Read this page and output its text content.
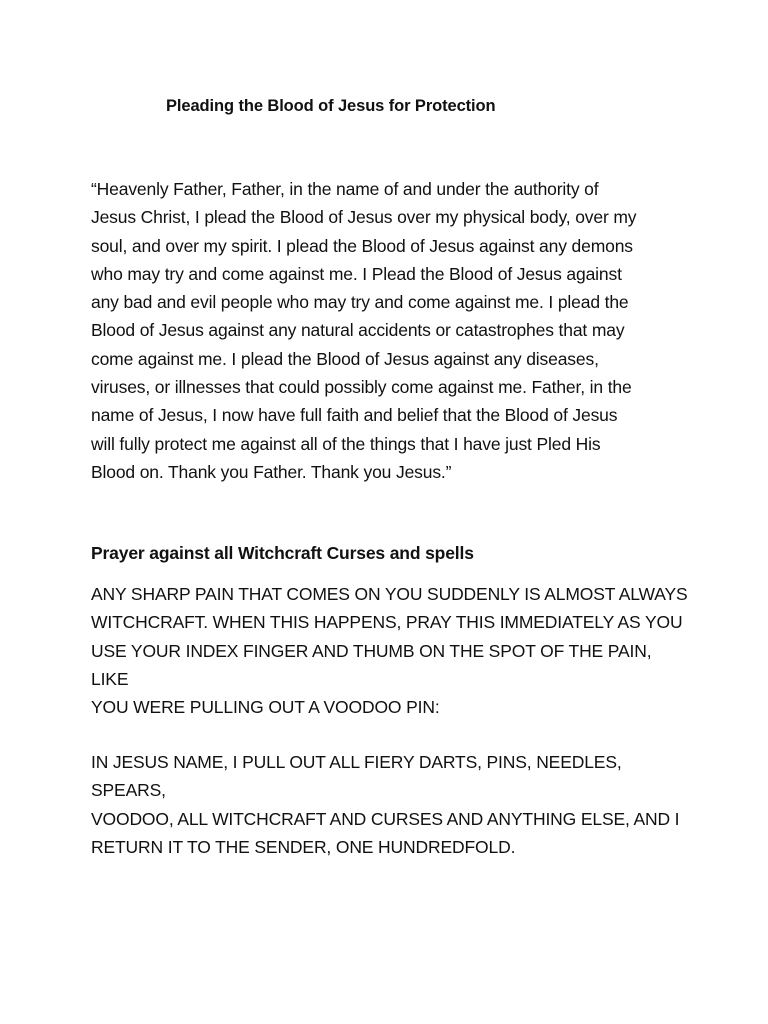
Pleading the Blood of Jesus for Protection

“Heavenly Father, Father, in the name of and under the authority of
Jesus Christ, I plead the Blood of Jesus over my physical body, over my
soul, and over my spirit. I plead the Blood of Jesus against any demons
who may try and come against me. I Plead the Blood of Jesus against
any bad and evil people who may try and come against me. I plead the
Blood of Jesus against any natural accidents or catastrophes that may
come against me. I plead the Blood of Jesus against any diseases,
viruses, or illnesses that could possibly come against me. Father, in the
name of Jesus, I now have full faith and belief that the Blood of Jesus
will fully protect me against all of the things that I have just Pled His
Blood on. Thank you Father. Thank you Jesus.”

Prayer against all Witchcraft Curses and spells

ANY SHARP PAIN THAT COMES ON YOU SUDDENLY IS ALMOST ALWAYS
WITCHCRAFT. WHEN THIS HAPPENS, PRAY THIS IMMEDIATELY AS YOU
USE YOUR INDEX FINGER AND THUMB ON THE SPOT OF THE PAIN, LIKE
YOU WERE PULLING OUT A VOODOO PIN:

IN JESUS NAME, I PULL OUT ALL FIERY DARTS, PINS, NEEDLES, SPEARS,
VOODOO, ALL WITCHCRAFT AND CURSES AND ANYTHING ELSE, AND I
RETURN IT TO THE SENDER, ONE HUNDREDFOLD.
